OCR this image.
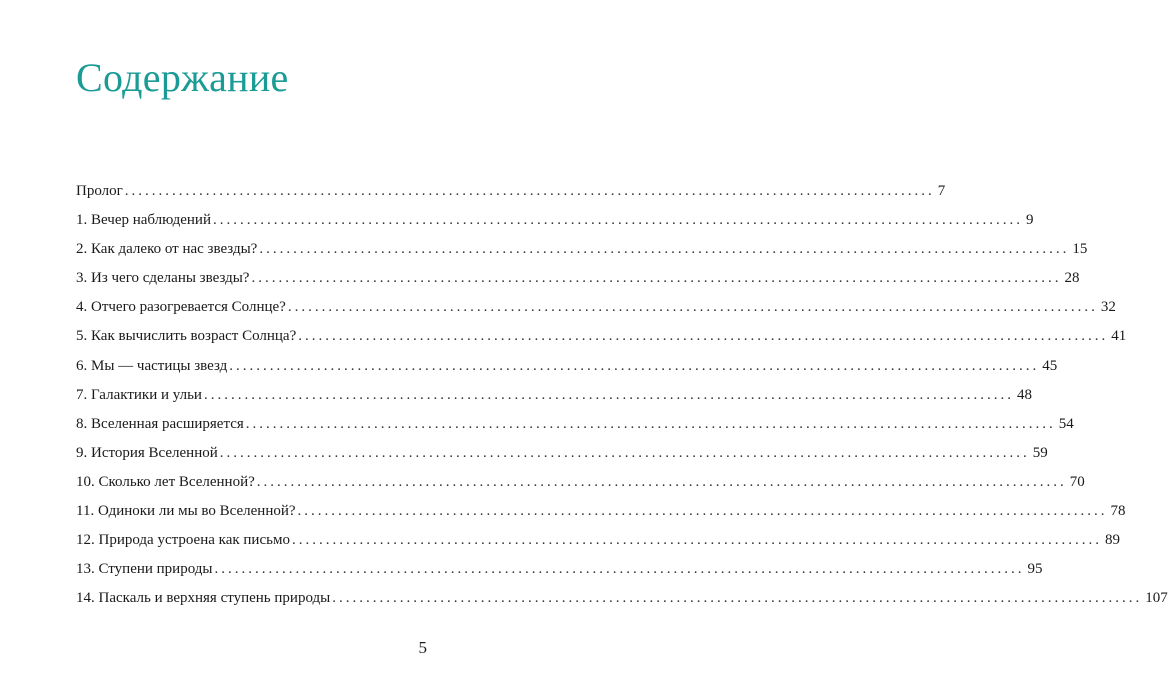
Содержание
Пролог ........................................................................................................................ 7
1. Вечер наблюдений ........................................................................................................................ 9
2. Как далеко от нас звезды? ........................................................................................................................ 15
3. Из чего сделаны звезды? ........................................................................................................................ 28
4. Отчего разогревается Солнце? ........................................................................................................................ 32
5. Как вычислить возраст Солнца? ........................................................................................................................ 41
6. Мы — частицы звезд ........................................................................................................................ 45
7. Галактики и ульи ........................................................................................................................ 48
8. Вселенная расширяется ........................................................................................................................ 54
9. История Вселенной ........................................................................................................................ 59
10. Сколько лет Вселенной? ........................................................................................................................ 70
11. Одиноки ли мы во Вселенной? ........................................................................................................................ 78
12. Природа устроена как письмо ........................................................................................................................ 89
13. Ступени природы ........................................................................................................................ 95
14. Паскаль и верхняя ступень природы ........................................................................................................................ 107
5
